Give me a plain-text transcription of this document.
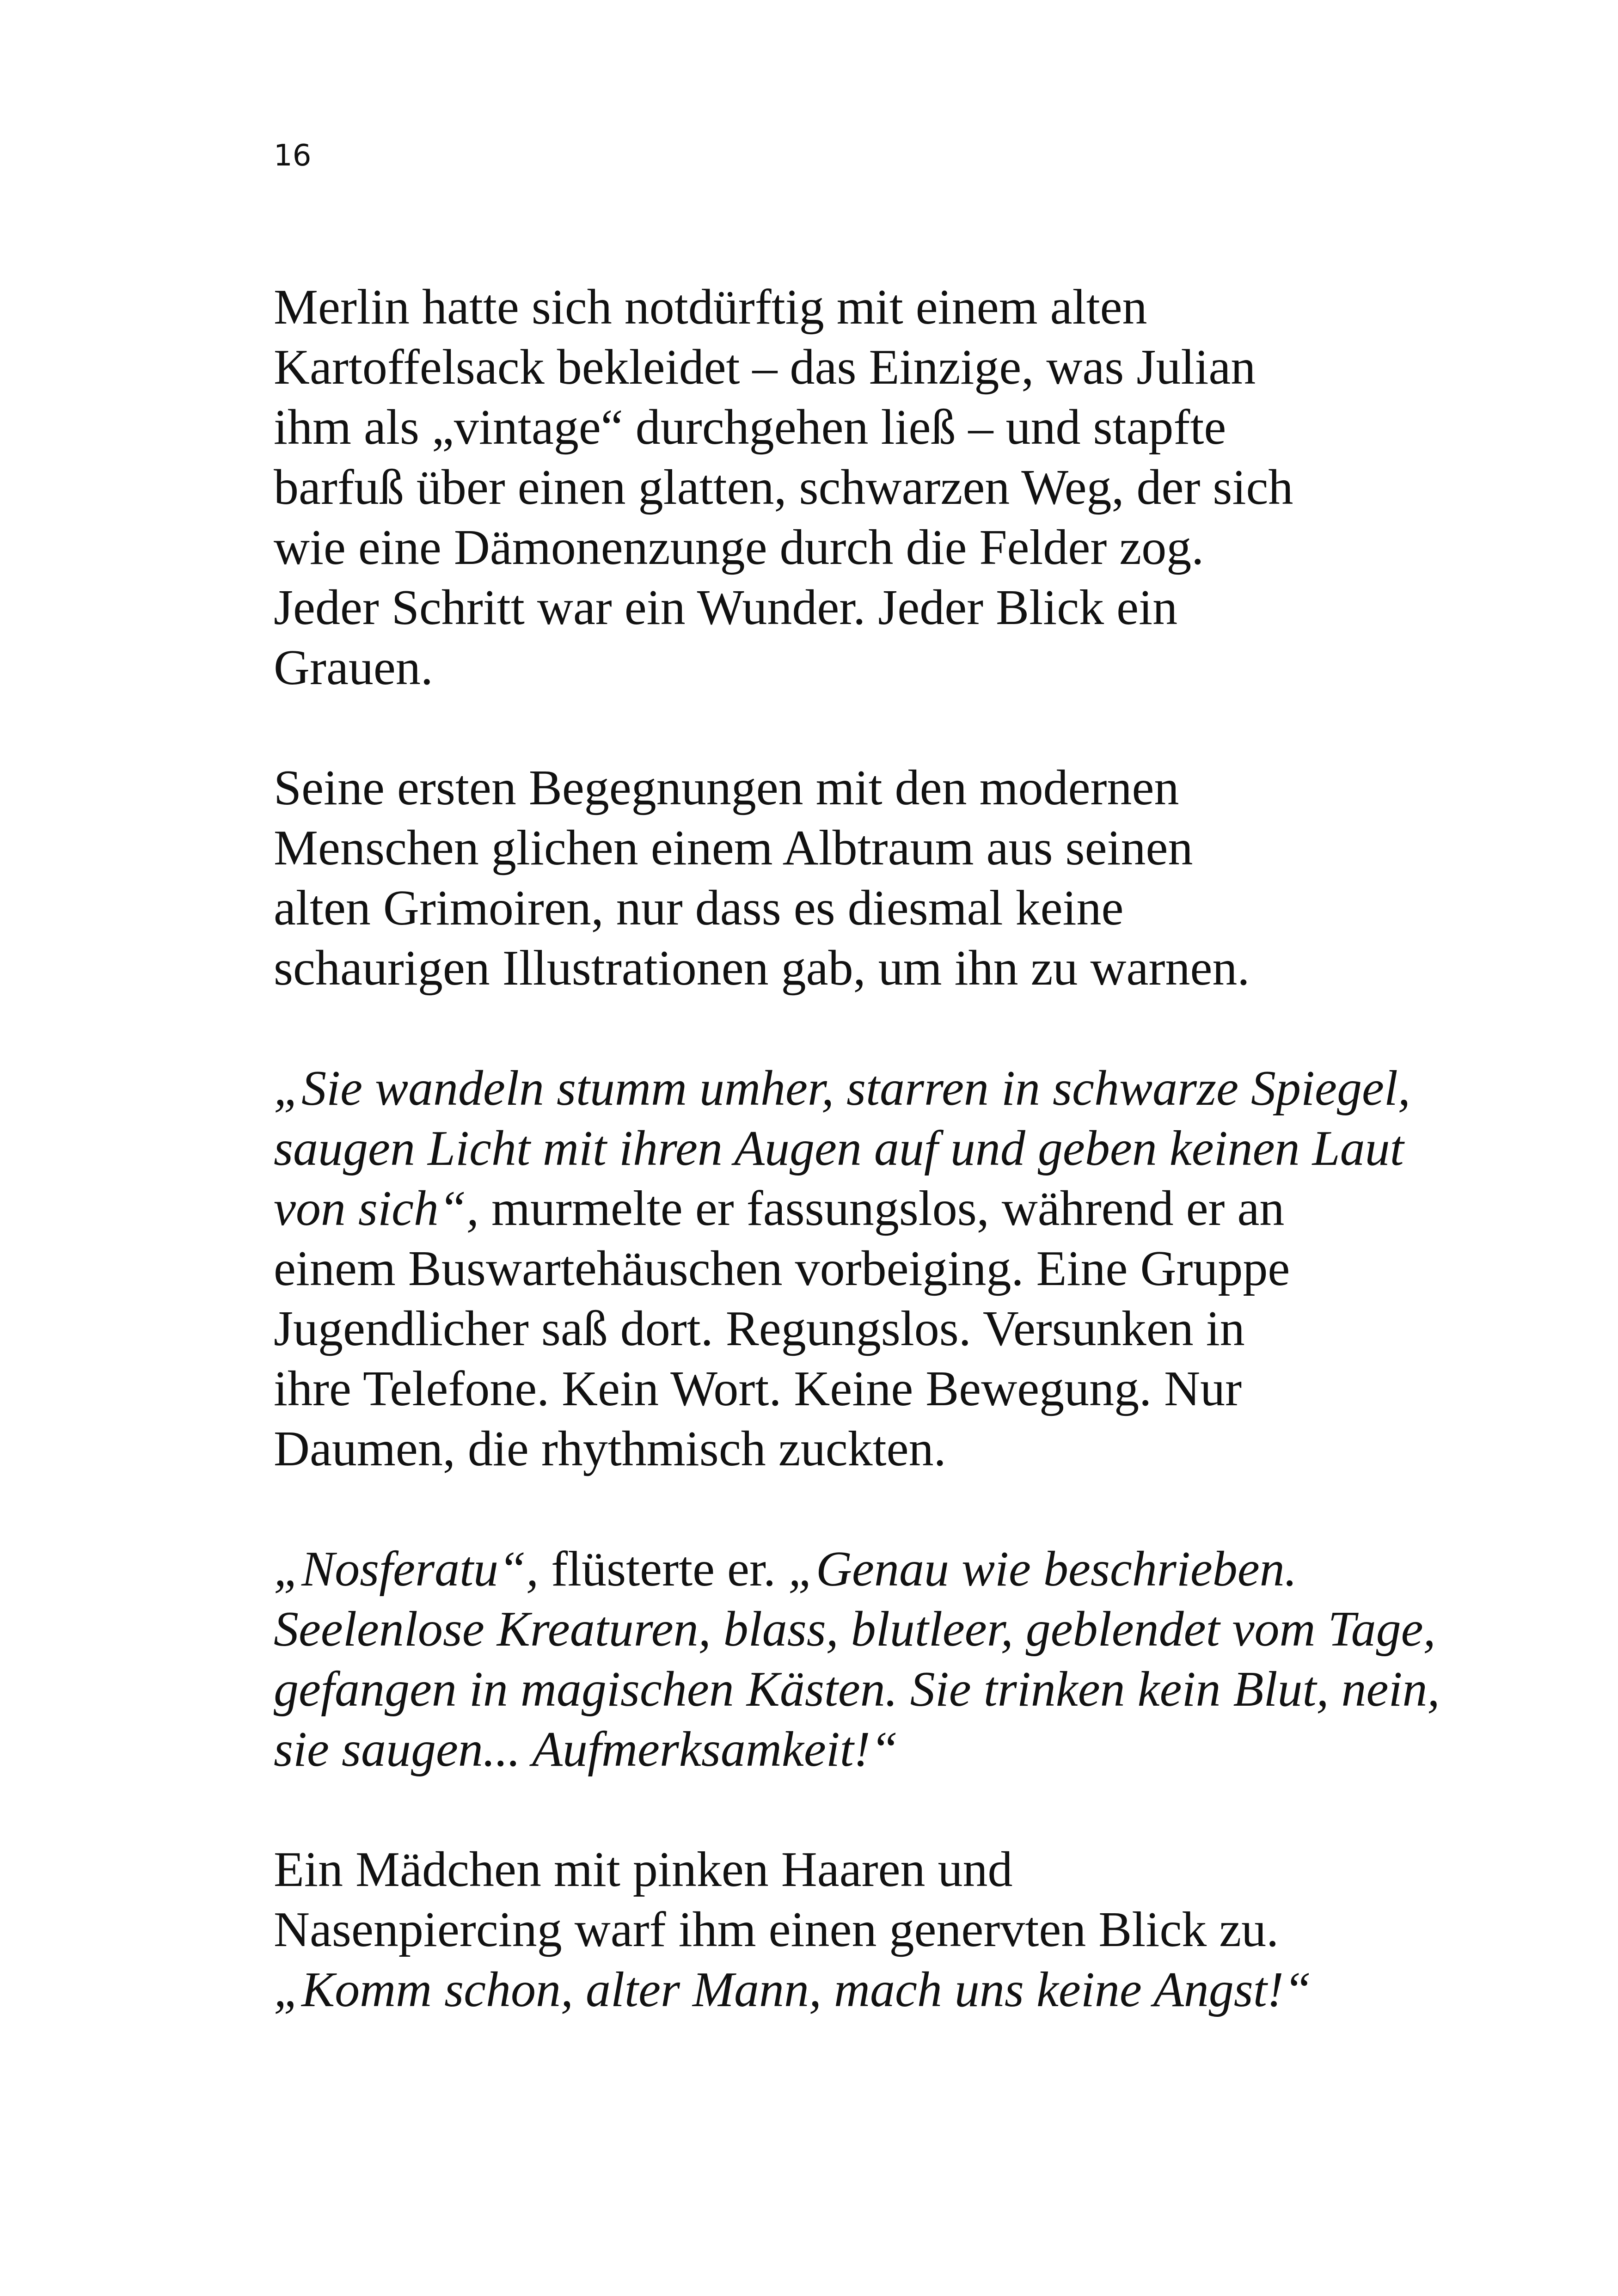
16

Merlin hatte sich notdürftig mit einem alten
Kartoffelsack bekleidet – das Einzige, was Julian
ihm als „vintage“ durchgehen ließ – und stapfte
barfuß über einen glatten, schwarzen Weg, der sich
wie eine Dämonenzunge durch die Felder zog.
Jeder Schritt war ein Wunder. Jeder Blick ein
Grauen.

Seine ersten Begegnungen mit den modernen
Menschen glichen einem Albtraum aus seinen
alten Grimoiren, nur dass es diesmal keine
schaurigen Illustrationen gab, um ihn zu warnen.

„Sie wandeln stumm umher, starren in schwarze Spiegel,
saugen Licht mit ihren Augen auf und geben keinen Laut
von sich“, murmelte er fassungslos, während er an
einem Buswartehäuschen vorbeiging. Eine Gruppe
Jugendlicher saß dort. Regungslos. Versunken in
ihre Telefone. Kein Wort. Keine Bewegung. Nur
Daumen, die rhythmisch zuckten.

„Nosferatu“, flüsterte er. „Genau wie beschrieben.
Seelenlose Kreaturen, blass, blutleer, geblendet vom Tage,
gefangen in magischen Kästen. Sie trinken kein Blut, nein,
sie saugen... Aufmerksamkeit!“

Ein Mädchen mit pinken Haaren und
Nasenpiercing warf ihm einen genervten Blick zu.
„Komm schon, alter Mann, mach uns keine Angst!“
